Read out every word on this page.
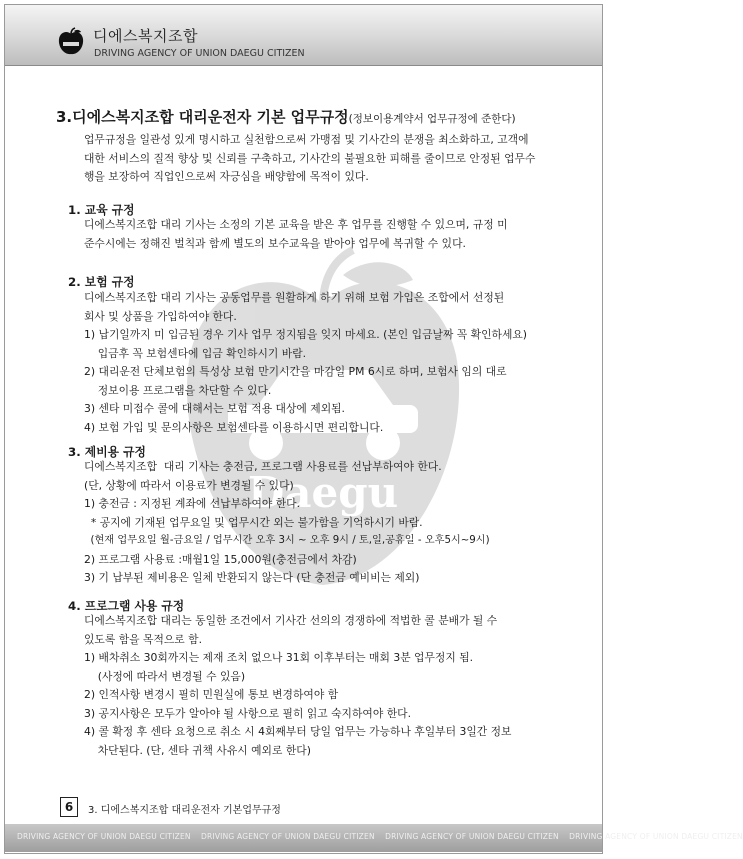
디에스복지조합
DRIVING AGENCY OF UNION DAEGU CITIZEN
Daegu
3.디에스복지조합 대리운전자 기본 업무규정(정보이용계약서 업무규정에 준한다)
업무규정을 일관성 있게 명시하고 실천함으로써 가맹점 및 기사간의 분쟁을 최소화하고, 고객에
대한 서비스의 질적 향상 및 신뢰를 구축하고, 기사간의 불필요한 피해를 줄이므로 안정된 업무수
행을 보장하여 직업인으로써 자긍심을 배양함에 목적이 있다.
1. 교육 규정
디에스복지조합 대리 기사는 소정의 기본 교육을 받은 후 업무를 진행할 수 있으며, 규정 미
준수시에는 정해진 벌칙과 함께 별도의 보수교육을 받아야 업무에 복귀할 수 있다.
2. 보험 규정
디에스복지조합 대리 기사는 공동업무를 원활하게 하기 위해 보험 가입은 조합에서 선정된
회사 및 상품을 가입하여야 한다.
1) 납기일까지 미 입금된 경우 기사 업무 정지됨을 잊지 마세요. (본인 입금날짜 꼭 확인하세요)
입금후 꼭 보험센타에 입금 확인하시기 바람.
2) 대리운전 단체보험의 특성상 보험 만기시간을 마감일 PM 6시로 하며, 보험사 임의 대로
정보이용 프로그램을 차단할 수 있다.
3) 센타 미접수 콜에 대해서는 보험 적용 대상에 제외됨.
4) 보험 가입 및 문의사항은 보험센타를 이용하시면 편리합니다.
3. 제비용 규정
디에스복지조합  대리 기사는 충전금, 프로그램 사용료를 선납부하여야 한다.
(단, 상황에 따라서 이용료가 변경될 수 있다)
1) 충전금 : 지정된 계좌에 선납부하여야 한다.
* 공지에 기재된 업무요일 및 업무시간 외는 불가함을 기억하시기 바람.
(현재 업무요일 월-금요일 / 업무시간 오후 3시 ~ 오후 9시 / 토,일,공휴일 - 오후5시~9시)
2) 프로그램 사용료 :매월1일 15,000원(충전금에서 차감)
3) 기 납부된 제비용은 일체 반환되지 않는다 (단 충전금 예비비는 제외)
4. 프로그램 사용 규정
디에스복지조합 대리는 동일한 조건에서 기사간 선의의 경쟁하에 적법한 콜 분배가 될 수
있도록 함을 목적으로 함.
1) 배차취소 30회까지는 제재 조치 없으나 31회 이후부터는 매회 3분 업무정지 됨.
(사정에 따라서 변경될 수 있음)
2) 인적사항 변경시 필히 민원실에 통보 변경하여야 함
3) 공지사항은 모두가 알아야 될 사항으로 필히 읽고 숙지하여야 한다.
4) 콜 확정 후 센타 요청으로 취소 시 4회째부터 당일 업무는 가능하나 후일부터 3일간 정보
차단된다. (단, 센타 귀책 사유시 예외로 한다)
6	3. 디에스복지조합 대리운전자 기본업무규정
DRIVING AGENCY OF UNION DAEGU CITIZEN    DRIVING AGENCY OF UNION DAEGU CITIZEN    DRIVING AGENCY OF UNION DAEGU CITIZEN    DRIVING AGENCY OF UNION DAEGU CITIZEN
